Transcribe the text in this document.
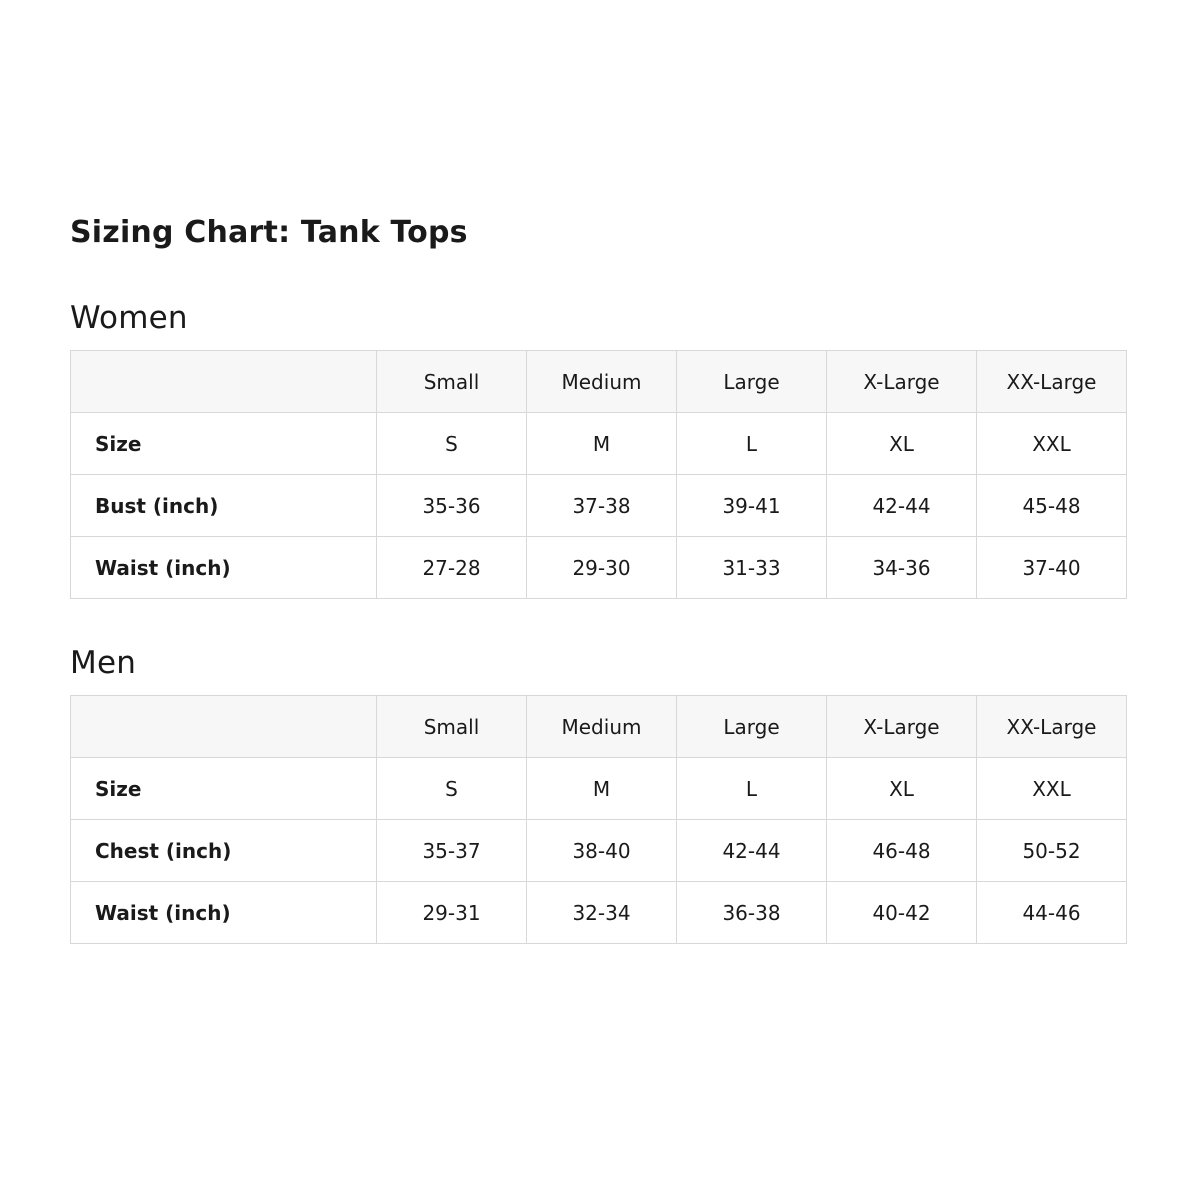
Sizing Chart: Tank Tops
Women
	Small	Medium	Large	X-Large	XX-Large
Size	S	M	L	XL	XXL
Bust (inch)	35-36	37-38	39-41	42-44	45-48
Waist (inch)	27-28	29-30	31-33	34-36	37-40
Men
	Small	Medium	Large	X-Large	XX-Large
Size	S	M	L	XL	XXL
Chest (inch)	35-37	38-40	42-44	46-48	50-52
Waist (inch)	29-31	32-34	36-38	40-42	44-46
